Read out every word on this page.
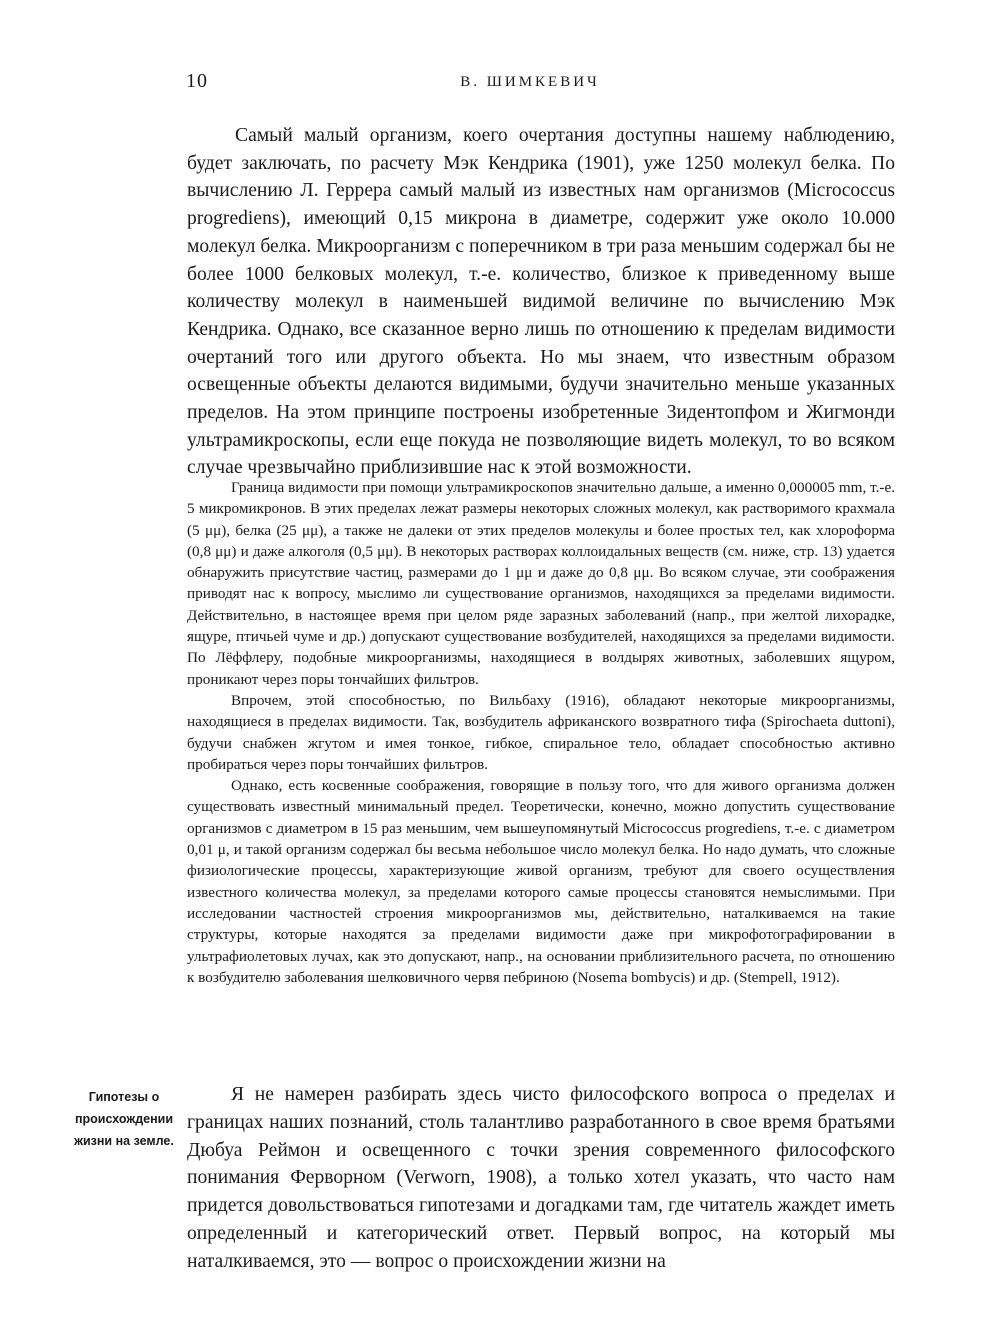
10	В. ШИМКЕВИЧ

Самый малый организм, коего очертания доступны нашему наблюдению, будет заключать, по расчету Мэк Кендрика (1901), уже 1250 молекул белка. По вычислению Л. Геррера самый малый из известных нам организмов (Micrococcus progrediens), имеющий 0,15 микрона в диаметре, содержит уже около 10.000 молекул белка. Микроорганизм с поперечником в три раза меньшим содержал бы не более 1000 белковых молекул, т.-е. количество, близкое к приведенному выше количеству молекул в наименьшей видимой величине по вычислению Мэк Кендрика. Однако, все сказанное верно лишь по отношению к пределам видимости очертаний того или другого объекта. Но мы знаем, что известным образом освещенные объекты делаются видимыми, будучи значительно меньше указанных пределов. На этом принципе построены изобретенные Зидентопфом и Жигмонди ультрамикроскопы, если еще покуда не позволяющие видеть молекул, то во всяком случае чрезвычайно приблизившие нас к этой возможности.

Граница видимости при помощи ультрамикроскопов значительно дальше, а именно 0,000005 mm, т.-е. 5 микромикронов. В этих пределах лежат размеры некоторых сложных молекул, как растворимого крахмала (5 μμ), белка (25 μμ), а также не далеки от этих пределов молекулы и более простых тел, как хлороформа (0,8 μμ) и даже алкоголя (0,5 μμ). В некоторых растворах коллоидальных веществ (см. ниже, стр. 13) удается обнаружить присутствие частиц, размерами до 1 μμ и даже до 0,8 μμ. Во всяком случае, эти соображения приводят нас к вопросу, мыслимо ли существование организмов, находящихся за пределами видимости. Действительно, в настоящее время при целом ряде заразных заболеваний (напр., при желтой лихорадке, ящуре, птичьей чуме и др.) допускают существование возбудителей, находящихся за пределами видимости. По Лёффлеру, подобные микроорганизмы, находящиеся в волдырях животных, заболевших ящуром, проникают через поры тончайших фильтров.

Впрочем, этой способностью, по Вильбаху (1916), обладают некоторые микроорганизмы, находящиеся в пределах видимости. Так, возбудитель африканского возвратного тифа (Spirochaeta duttoni), будучи снабжен жгутом и имея тонкое, гибкое, спиральное тело, обладает способностью активно пробираться через поры тончайших фильтров.

Однако, есть косвенные соображения, говорящие в пользу того, что для живого организма должен существовать известный минимальный предел. Теоретически, конечно, можно допустить существование организмов с диаметром в 15 раз меньшим, чем вышеупомянутый Micrococcus progrediens, т.-е. с диаметром 0,01 μ, и такой организм содержал бы весьма небольшое число молекул белка. Но надо думать, что сложные физиологические процессы, характеризующие живой организм, требуют для своего осуществления известного количества молекул, за пределами которого самые процессы становятся немыслимыми. При исследовании частностей строения микроорганизмов мы, действительно, наталкиваемся на такие структуры, которые находятся за пределами видимости даже при микрофотографировании в ультрафиолетовых лучах, как это допускают, напр., на основании приблизительного расчета, по отношению к возбудителю заболевания шелковичного червя пебриною (Nosema bombycis) и др. (Stempell, 1912).

Гипотезы о происхождении жизни на земле.

Я не намерен разбирать здесь чисто философского вопроса о пределах и границах наших познаний, столь талантливо разработанного в свое время братьями Дюбуа Реймон и освещенного с точки зрения современного философского понимания Ферворном (Verworn, 1908), а только хотел указать, что часто нам придется довольствоваться гипотезами и догадками там, где читатель жаждет иметь определенный и категорический ответ. Первый вопрос, на который мы наталкиваемся, это — вопрос о происхождении жизни на
